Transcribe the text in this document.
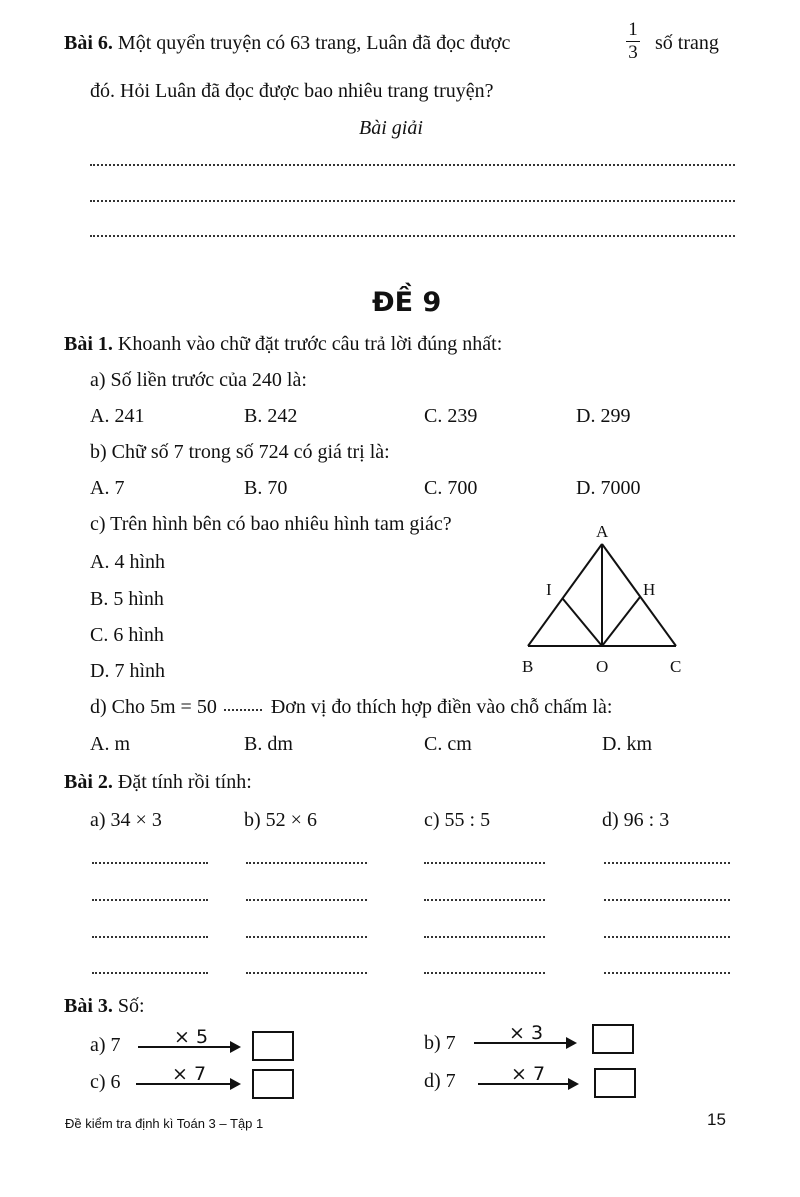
Bài 6. Một quyển truyện có 63 trang, Luân đã đọc được
1
3 số trang
đó. Hỏi Luân đã đọc được bao nhiêu trang truyện?
Bài giải
ĐỀ 9
Bài 1. Khoanh vào chữ đặt trước câu trả lời đúng nhất:
a) Số liền trước của 240 là:
A. 241	B. 242	C. 239	D. 299
b) Chữ số 7 trong số 724 có giá trị là:
A. 7	B. 70	C. 700	D. 7000
c) Trên hình bên có bao nhiêu hình tam giác?
A. 4 hình
B. 5 hình
C. 6 hình
D. 7 hình
A
I	H
B	O	C
d) Cho 5m = 50	Đơn vị đo thích hợp điền vào chỗ chấm là:
A. m	B. dm	C. cm	D. km
Bài 2. Đặt tính rồi tính:
a) 34 × 3	b) 52 × 6	c) 55 : 5	d) 96 : 3
Bài 3. Số:
a) 7	× 5	b) 7	× 3
c) 6	× 7	d) 7	× 7
Đề kiểm tra định kì Toán 3 – Tập 1	15
